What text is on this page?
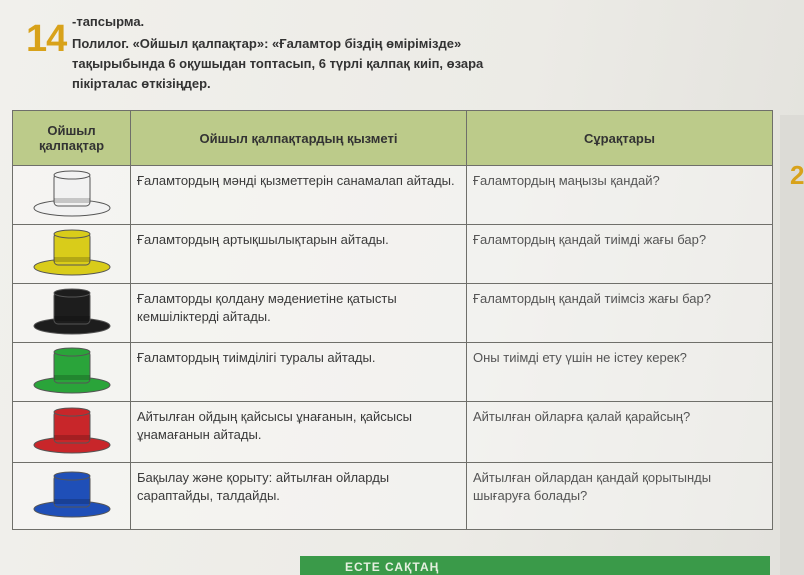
14 -тапсырма.
Полилог. «Ойшыл қалпақтар»: «Ғаламтор біздің өмірімізде» тақырыбында 6 оқушыдан топтасып, 6 түрлі қалпақ киіп, өзара пікірталас өткізіңдер.
Ойшыл қалпақтар	Ойшыл қалпақтардың қызметі	Сұрақтары
	Ғаламтордың мәнді қызметтерін санамалап айтады.	Ғаламтордың маңызы қандай?
	Ғаламтордың артықшылықтарын айтады.	Ғаламтордың қандай тиімді жағы бар?
	Ғаламторды қолдану мәдениетіне қатысты кемшіліктерді айтады.	Ғаламтордың қандай тиімсіз жағы бар?
	Ғаламтордың тиімділігі туралы айтады.	Оны тиімді ету үшін не істеу керек?
	Айтылған ойдың қайсысы ұнағанын, қайсысы ұнамағанын айтады.	Айтылған ойларға қалай қарайсың?
	Бақылау және қорыту: айтылған ойларды сараптайды, талдайды.	Айтылған ойлардан қандай қорытынды шығаруға болады?
2
ЕСТЕ САҚТАҢ
